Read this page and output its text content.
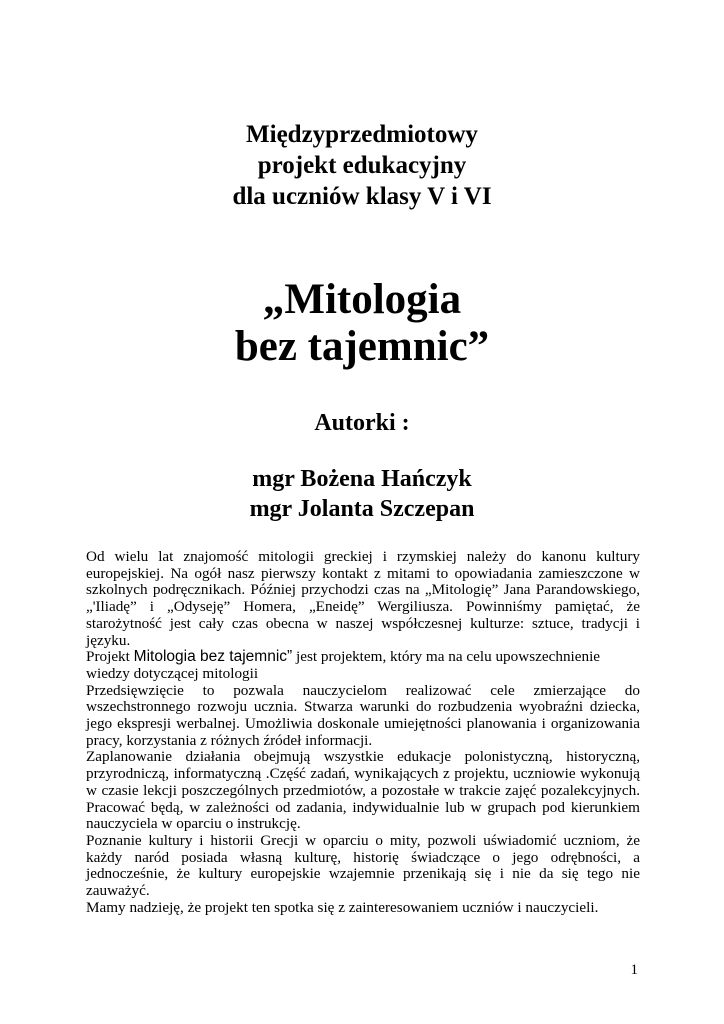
Międzyprzedmiotowy
projekt edukacyjny
dla uczniów klasy V i VI
„Mitologia
bez tajemnic”
Autorki :
mgr Bożena Hańczyk
mgr Jolanta Szczepan

Od wielu lat znajomość mitologii greckiej i rzymskiej należy do kanonu kultury europejskiej. Na ogół nasz pierwszy kontakt z mitami to opowiadania zamieszczone w szkolnych podręcznikach. Później przychodzi czas na „Mitologię” Jana Parandowskiego, „'Iliadę” i „Odyseję” Homera, „Eneidę” Wergiliusza. Powinniśmy pamiętać, że starożytność jest cały czas obecna w naszej współczesnej kulturze: sztuce, tradycji i języku.

Projekt Mitologia bez tajemnic” jest projektem, który ma na celu upowszechnienie
wiedzy dotyczącej mitologii

Przedsięwzięcie to pozwala nauczycielom realizować cele zmierzające do wszechstronnego rozwoju ucznia. Stwarza warunki do rozbudzenia wyobraźni dziecka, jego ekspresji werbalnej. Umożliwia doskonale umiejętności planowania i organizowania pracy, korzystania z różnych źródeł informacji.

Zaplanowanie działania obejmują wszystkie edukacje polonistyczną, historyczną, przyrodniczą, informatyczną .Część zadań, wynikających z projektu, uczniowie wykonują w czasie lekcji poszczególnych przedmiotów, a pozostałe w trakcie zajęć pozalekcyjnych. Pracować będą, w zależności od zadania, indywidualnie lub w grupach pod kierunkiem nauczyciela w oparciu o instrukcję.

Poznanie kultury i historii Grecji w oparciu o mity, pozwoli uświadomić uczniom, że każdy naród posiada własną kulturę, historię świadczące o jego odrębności, a jednocześnie, że kultury europejskie wzajemnie przenikają się i nie da się tego nie zauważyć.

Mamy nadzieję, że projekt ten spotka się z zainteresowaniem uczniów i nauczycieli.

1
